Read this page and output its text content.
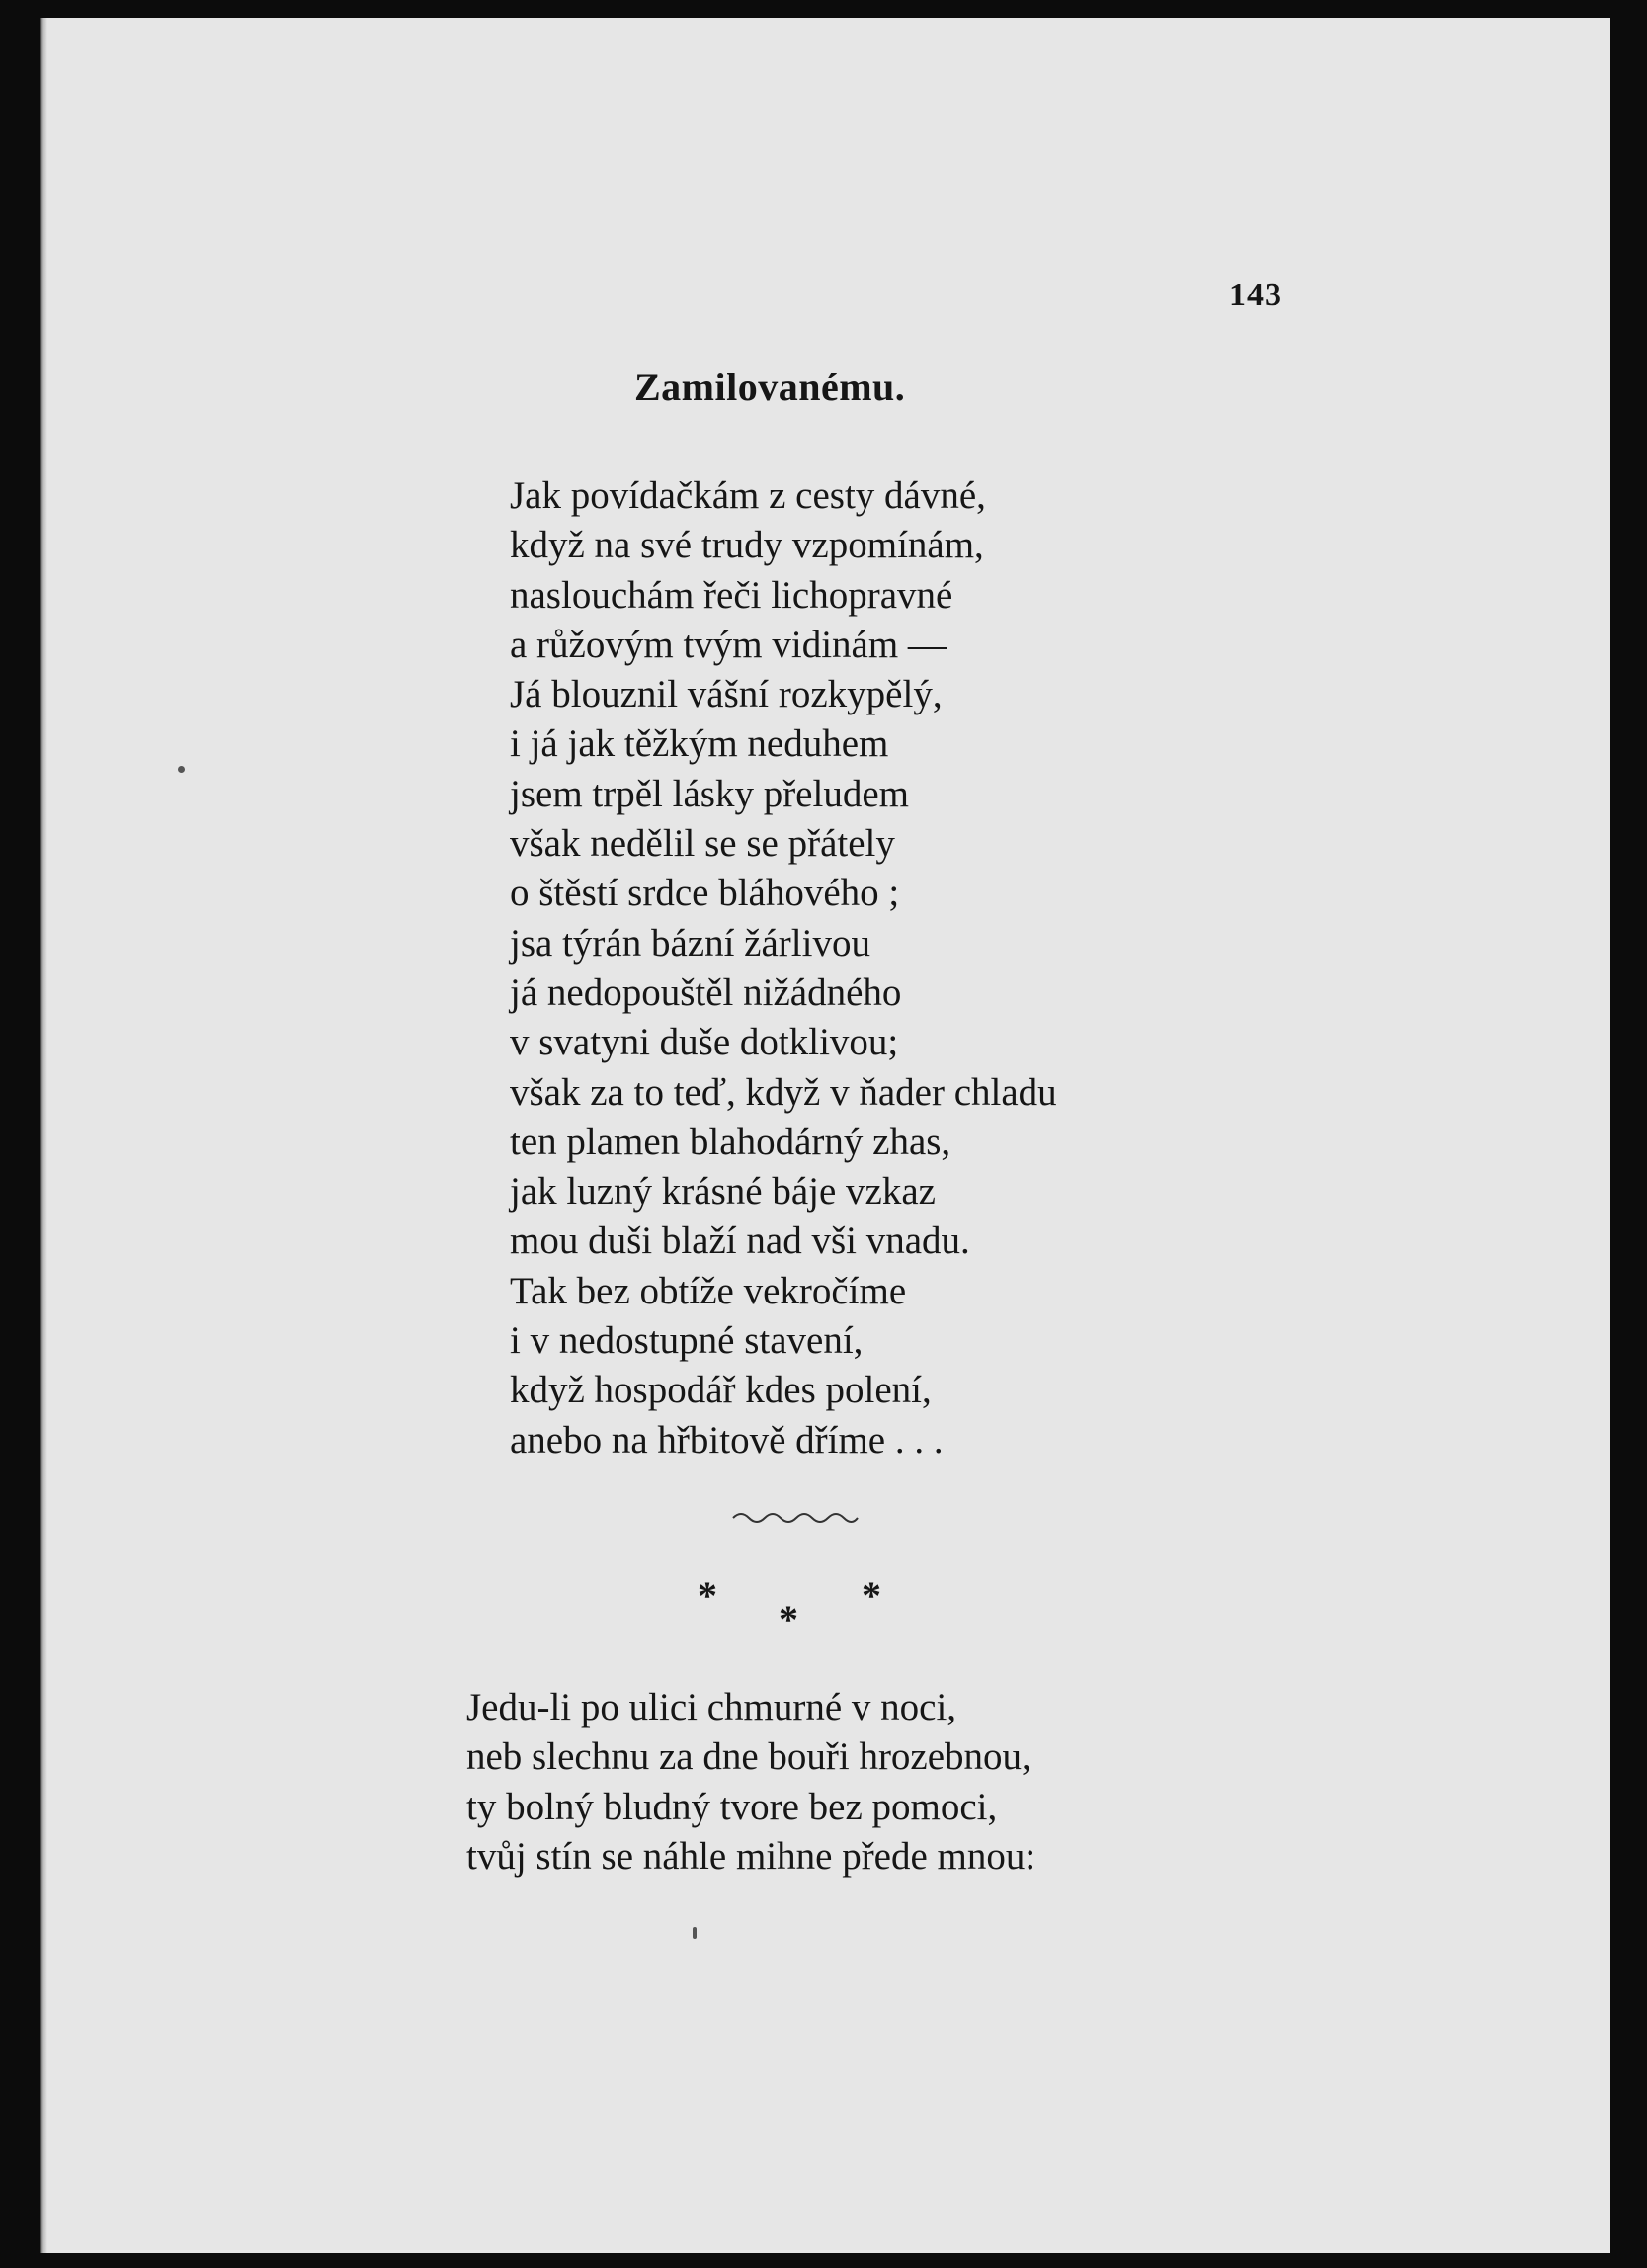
143
Zamilovanému.
Jak povídačkám z cesty dávné,
když na své trudy vzpomínám,
naslouchám řeči lichopravné
a růžovým tvým vidinám —
Já blouznil vášní rozkypělý,
i já jak těžkým neduhem
jsem trpěl lásky přeludem
však nedělil se se přátely
o štěstí srdce bláhového ;
jsa týrán bázní žárlivou
já nedopouštěl nižádného
v svatyni duše dotklivou;
však za to teď, když v ňader chladu
ten plamen blahodárný zhas,
jak luzný krásné báje vzkaz
mou duši blaží nad vši vnadu.
Tak bez obtíže vekročíme
i v nedostupné stavení,
když hospodář kdes polení,
anebo na hřbitově dříme . . .
*
*
*
Jedu-li po ulici chmurné v noci,
neb slechnu za dne bouři hrozebnou,
ty bolný bludný tvore bez pomoci,
tvůj stín se náhle mihne přede mnou:
